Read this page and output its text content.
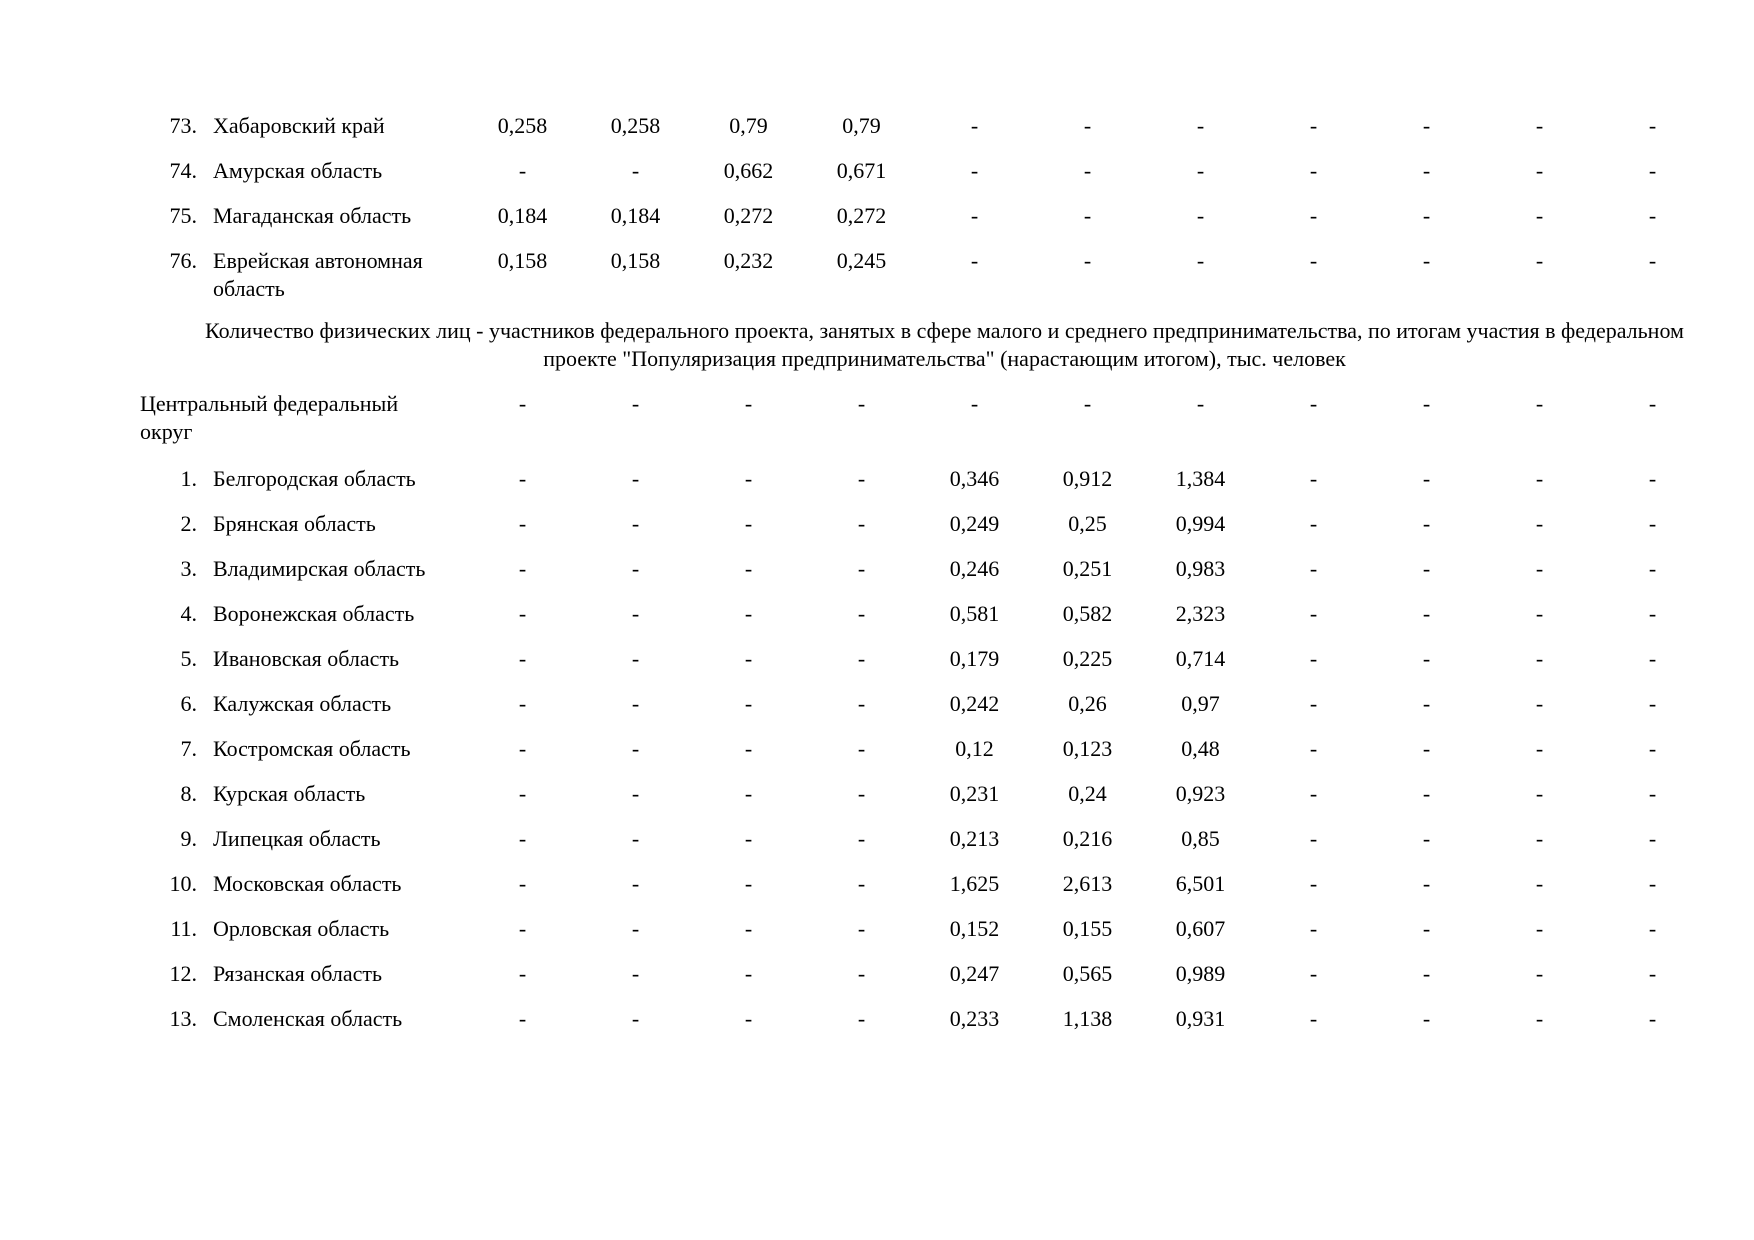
73.	Хабаровский край	0,258	0,258	0,79	0,79	-	-	-	-	-	-	-
74.	Амурская область	-	-	0,662	0,671	-	-	-	-	-	-	-
75.	Магаданская область	0,184	0,184	0,272	0,272	-	-	-	-	-	-	-
76.	Еврейская автономная область	0,158	0,158	0,232	0,245	-	-	-	-	-	-	-

Количество физических лиц - участников федерального проекта, занятых в сфере малого и среднего предпринимательства, по итогам участия в федеральном проекте "Популяризация предпринимательства" (нарастающим итогом), тыс. человек

Центральный федеральный округ		-	-	-	-	-	-	-	-	-	-	-
1.	Белгородская область	-	-	-	-	0,346	0,912	1,384	-	-	-	-
2.	Брянская область	-	-	-	-	0,249	0,25	0,994	-	-	-	-
3.	Владимирская область	-	-	-	-	0,246	0,251	0,983	-	-	-	-
4.	Воронежская область	-	-	-	-	0,581	0,582	2,323	-	-	-	-
5.	Ивановская область	-	-	-	-	0,179	0,225	0,714	-	-	-	-
6.	Калужская область	-	-	-	-	0,242	0,26	0,97	-	-	-	-
7.	Костромская область	-	-	-	-	0,12	0,123	0,48	-	-	-	-
8.	Курская область	-	-	-	-	0,231	0,24	0,923	-	-	-	-
9.	Липецкая область	-	-	-	-	0,213	0,216	0,85	-	-	-	-
10.	Московская область	-	-	-	-	1,625	2,613	6,501	-	-	-	-
11.	Орловская область	-	-	-	-	0,152	0,155	0,607	-	-	-	-
12.	Рязанская область	-	-	-	-	0,247	0,565	0,989	-	-	-	-
13.	Смоленская область	-	-	-	-	0,233	1,138	0,931	-	-	-	-
